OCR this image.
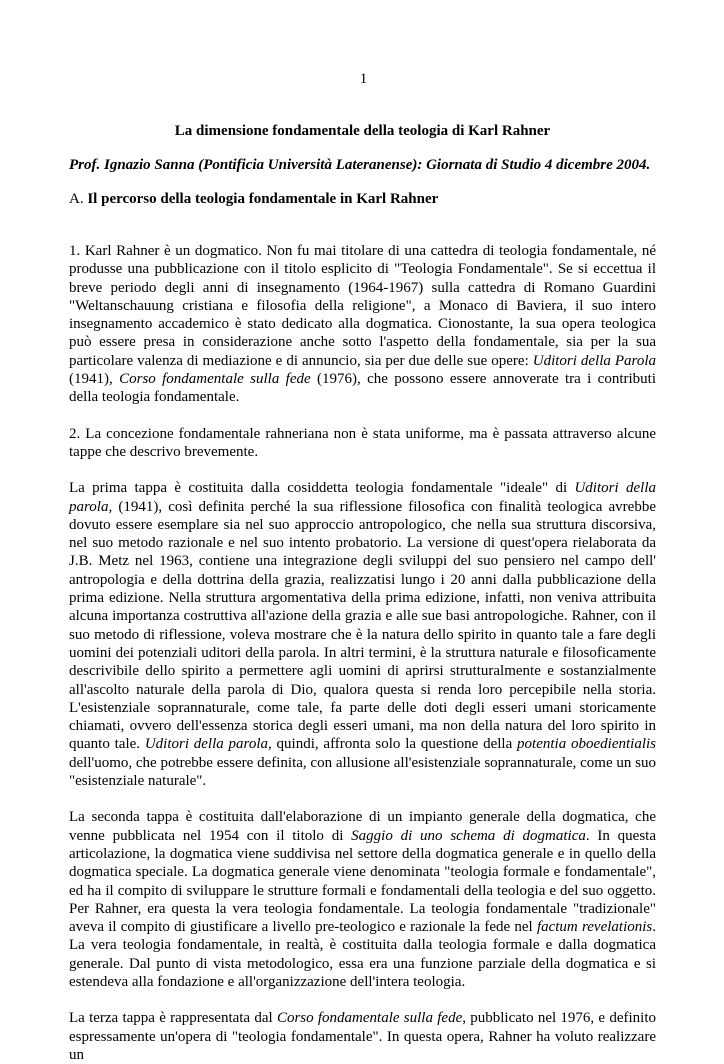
1

La dimensione fondamentale della teologia di Karl Rahner

Prof. Ignazio Sanna (Pontificia Università Lateranense): Giornata di Studio 4 dicembre 2004.

A. Il percorso della teologia fondamentale in Karl Rahner

1. Karl Rahner è un dogmatico. Non fu mai titolare di una cattedra di teologia fondamentale, né produsse una pubblicazione con il titolo esplicito di "Teologia Fondamentale". Se si eccettua il breve periodo degli anni di insegnamento (1964-1967) sulla cattedra di Romano Guardini "Weltanschauung cristiana e filosofia della religione", a Monaco di Baviera, il suo intero insegnamento accademico è stato dedicato alla dogmatica. Cionostante, la sua opera teologica può essere presa in considerazione anche sotto l'aspetto della fondamentale, sia per la sua particolare valenza di mediazione e di annuncio, sia per due delle sue opere: Uditori della Parola (1941), Corso fondamentale sulla fede (1976), che possono essere annoverate tra i contributi della teologia fondamentale.

2. La concezione fondamentale rahneriana non è stata uniforme, ma è passata attraverso alcune tappe che descrivo brevemente.

La prima tappa è costituita dalla cosiddetta teologia fondamentale "ideale" di Uditori della parola, (1941), così definita perché la sua riflessione filosofica con finalità teologica avrebbe dovuto essere esemplare sia nel suo approccio antropologico, che nella sua struttura discorsiva, nel suo metodo razionale e nel suo intento probatorio. La versione di quest'opera rielaborata da J.B. Metz nel 1963, contiene una integrazione degli sviluppi del suo pensiero nel campo dell' antropologia e della dottrina della grazia, realizzatisi lungo i 20 anni dalla pubblicazione della prima edizione. Nella struttura argomentativa della prima edizione, infatti, non veniva attribuita alcuna importanza costruttiva all'azione della grazia e alle sue basi antropologiche. Rahner, con il suo metodo di riflessione, voleva mostrare che è la natura dello spirito in quanto tale a fare degli uomini dei potenziali uditori della parola. In altri termini, è la struttura naturale e filosoficamente descrivibile dello spirito a permettere agli uomini di aprirsi strutturalmente e sostanzialmente all'ascolto naturale della parola di Dio, qualora questa si renda loro percepibile nella storia. L'esistenziale soprannaturale, come tale, fa parte delle doti degli esseri umani storicamente chiamati, ovvero dell'essenza storica degli esseri umani, ma non della natura del loro spirito in quanto tale. Uditori della parola, quindi, affronta solo la questione della potentia oboedientialis dell'uomo, che potrebbe essere definita, con allusione all'esistenziale soprannaturale, come un suo "esistenziale naturale".

La seconda tappa è costituita dall'elaborazione di un impianto generale della dogmatica, che venne pubblicata nel 1954 con il titolo di Saggio di uno schema di dogmatica. In questa articolazione, la dogmatica viene suddivisa nel settore della dogmatica generale e in quello della dogmatica speciale. La dogmatica generale viene denominata "teologia formale e fondamentale", ed ha il compito di sviluppare le strutture formali e fondamentali della teologia e del suo oggetto. Per Rahner, era questa la vera teologia fondamentale. La teologia fondamentale "tradizionale" aveva il compito di giustificare a livello pre-teologico e razionale la fede nel factum revelationis. La vera teologia fondamentale, in realtà, è costituita dalla teologia formale e dalla dogmatica generale. Dal punto di vista metodologico, essa era una funzione parziale della dogmatica e si estendeva alla fondazione e all'organizzazione dell'intera teologia.

La terza tappa è rappresentata dal Corso fondamentale sulla fede, pubblicato nel 1976, e definito espressamente un'opera di "teologia fondamentale". In questa opera, Rahner ha voluto realizzare un
